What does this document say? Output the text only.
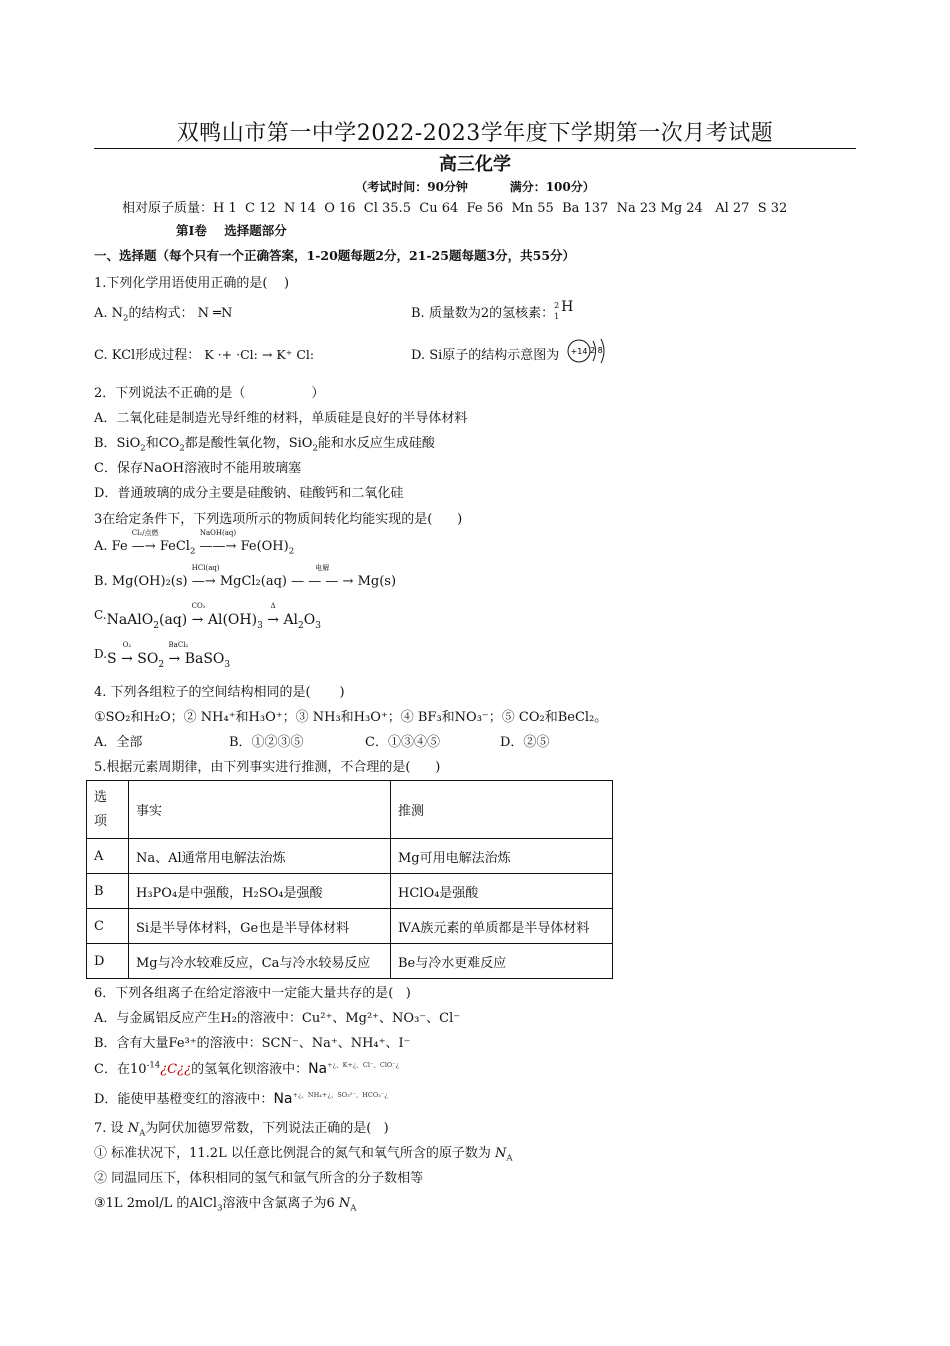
双鸭山市第一中学2022-2023学年度下学期第一次月考试题
高三化学
（考试时间：90分钟          满分：100分）
相对原子质量：H 1  C 12  N 14  O 16  Cl 35.5  Cu 64  Fe 56  Mn 55  Ba 137  Na 23 Mg 24   Al 27  S 32
第Ⅰ卷    选择题部分
一、选择题（每个只有一个正确答案，1-20题每题2分，21-25题每题3分，共55分）
1.下列化学用语使用正确的是(    )
A. $N_2$的结构式： N ═N	B. 质量数为2的氢核素：
2
1
H
C. KCl形成过程： K ·+ ·Cl: → K⁺ Cl:	D. Si原子的结构示意图为 +14 2 8
2．下列说法不正确的是（                ）
A．二氧化硅是制造光导纤维的材料，单质硅是良好的半导体材料
B．SiO$_2$和$CO_2$都是酸性氧化物，SiO$_2$能和水反应生成硅酸
C．保存NaOH溶液时不能用玻璃塞
D．普通玻璃的成分主要是硅酸钠、硅酸钙和二氧化硅
3在给定条件下，下列选项所示的物质间转化均能实现的是(      )
A. Fe —
Cl₂/点燃
→ FeCl$_2$ ——
NaOH(aq)
→ $Fe(OH)_2$
B. Mg(OH)₂(s) —
HCl(aq)
→ MgCl₂(aq) — —
电解
— → Mg(s)
C.NaAlO$_2$(aq) →
CO₂
$Al(OH)_3$ →
Δ
$Al_2O_3$
D.S →
O₂
$SO_2$ →
BaCl₂
BaSO$_3$
4. 下列各组粒子的空间结构相同的是(       )
①SO₂和H₂O；② NH₄⁺和H₃O⁺；③ NH₃和H₃O⁺；④ BF₃和NO₃⁻；⑤ CO₂和BeCl₂。
A．全部	B．①②③⑤	C．①③④⑤	D．②⑤
5.根据元素周期律，由下列事实进行推测，不合理的是(      )
选
项	事实	推测
A	Na、Al通常用电解法治炼	Mg可用电解法治炼
B	H₃PO₄是中强酸，H₂SO₄是强酸	HClO₄是强酸
C	Si是半导体材料，Ge也是半导体材料	ⅣA族元素的单质都是半导体材料
D	Mg与冷水较难反应，Ca与冷水较易反应	Be与冷水更难反应
6．下列各组离子在给定溶液中一定能大量共存的是(   )
A．与金属铝反应产生H₂的溶液中：Cu²⁺、Mg²⁺、NO₃⁻、Cl⁻
B．含有大量Fe³⁺的溶液中：SCN⁻、Na⁺、NH₄⁺、I⁻
C．在$10^{-14}¿C¿¿$的氢氧化钡溶液中：$Na^{+¿、K+¿、Cl^-、ClO^-¿}$
D．能使甲基橙变红的溶液中：$Na^{+¿、NH_4+¿、SO_3^{2-}、HCO_3^-¿}$
7. 设 $N_A$为阿伏加德罗常数，下列说法正确的是(   )
① 标准状况下，11.2L 以任意比例混合的氮气和氧气所含的原子数为 $N_A$
② 同温同压下，体积相同的氢气和氩气所含的分子数相等
③1L 2mol/L 的AlCl$_3$溶液中含氯离子为6 $N_A$
